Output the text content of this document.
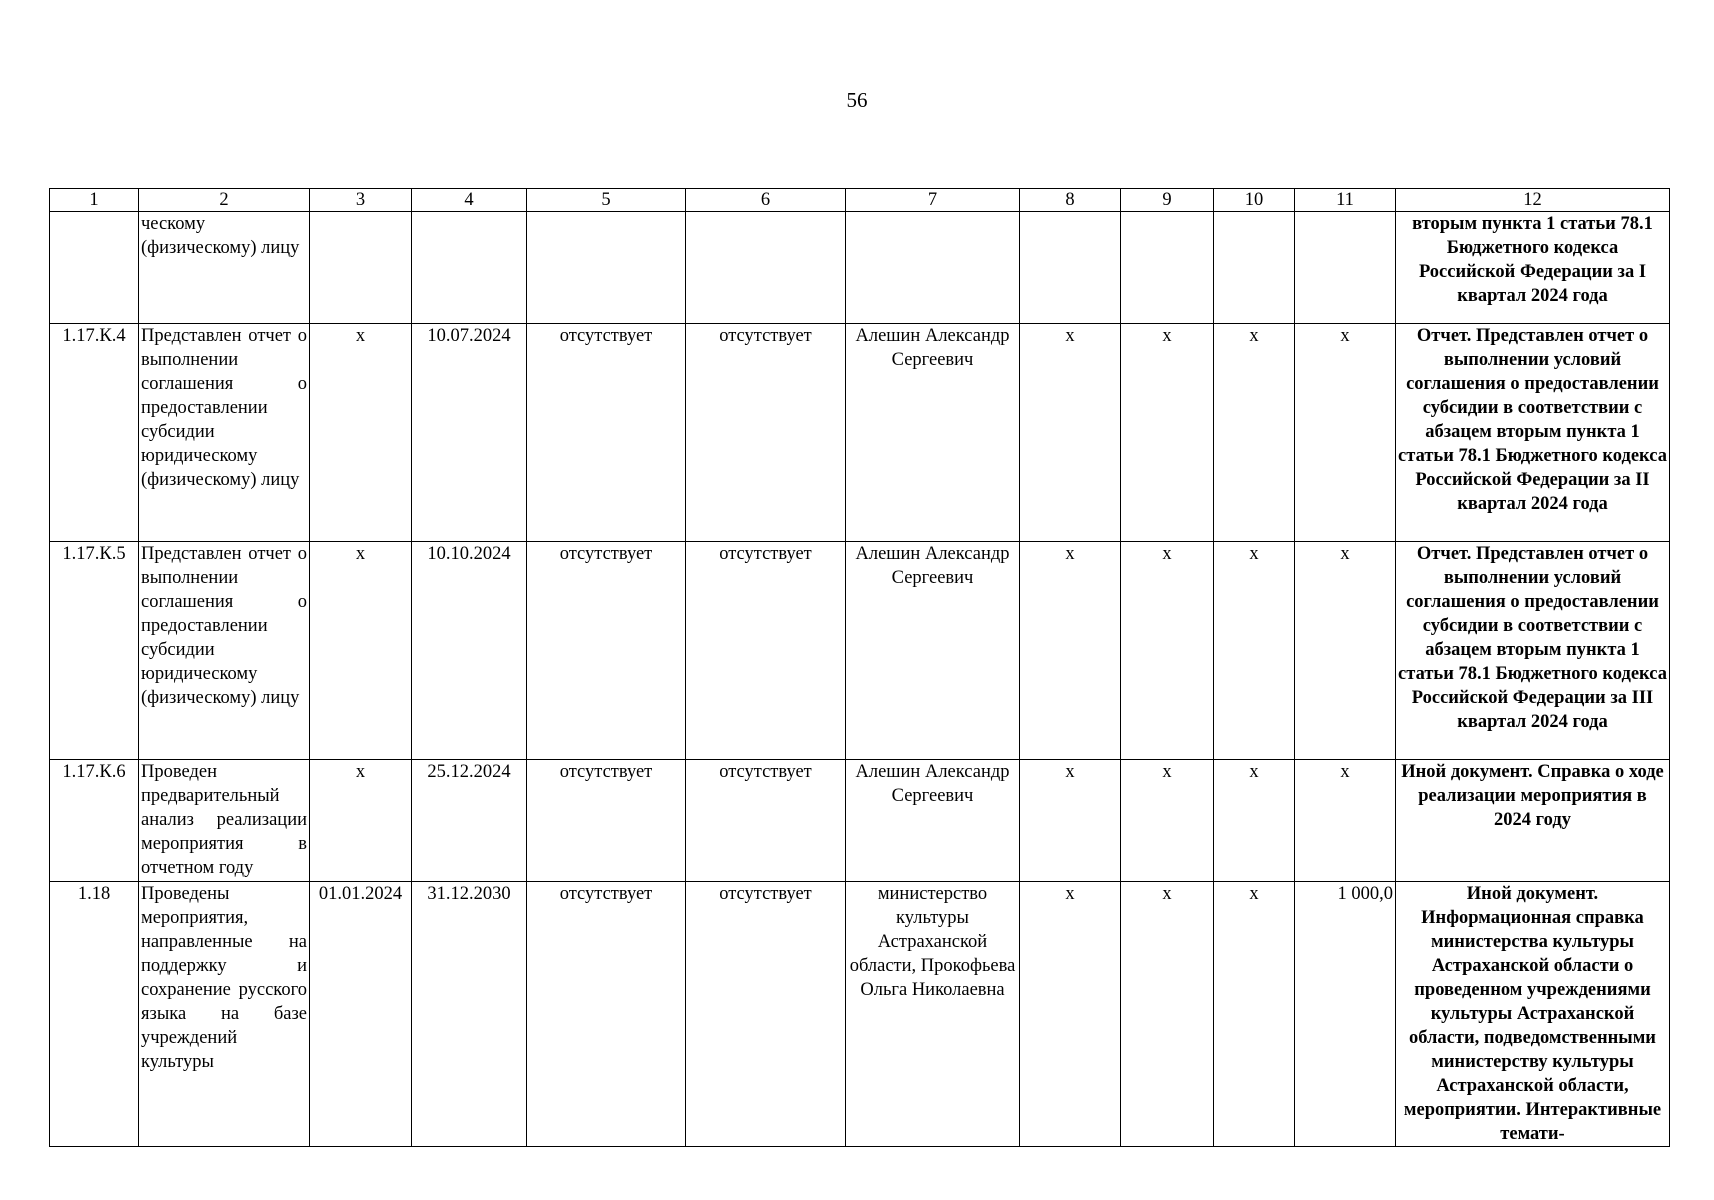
56
1	2	3	4	5	6	7	8	9	10	11	12
	ческому (физическому) лицу										вторым пункта 1 статьи 78.1 Бюджетного кодекса Российской Федерации за I квартал 2024 года
1.17.К.4	Представлен отчет о выполнении соглашения о предоставлении субсидии юридическому (физическому) лицу	х	10.07.2024	отсутствует	отсутствует	Алешин Александр Сергеевич	х	х	х	х	Отчет. Представлен отчет о выполнении условий соглашения о предоставлении субсидии в соответствии с абзацем вторым пункта 1 статьи 78.1 Бюджетного кодекса Российской Федерации за II квартал 2024 года
1.17.К.5	Представлен отчет о выполнении соглашения о предоставлении субсидии юридическому (физическому) лицу	х	10.10.2024	отсутствует	отсутствует	Алешин Александр Сергеевич	х	х	х	х	Отчет. Представлен отчет о выполнении условий соглашения о предоставлении субсидии в соответствии с абзацем вторым пункта 1 статьи 78.1 Бюджетного кодекса Российской Федерации за III квартал 2024 года
1.17.К.6	Проведен предварительный анализ реализации мероприятия в отчетном году	х	25.12.2024	отсутствует	отсутствует	Алешин Александр Сергеевич	х	х	х	х	Иной документ. Справка о ходе реализации мероприятия в 2024 году
1.18	Проведены мероприятия, направленные на поддержку и сохранение русского языка на базе учреждений культуры	01.01.2024	31.12.2030	отсутствует	отсутствует	министерство культуры Астраханской области, Прокофьева Ольга Николаевна	х	х	х	1 000,0	Иной документ. Информационная справка министерства культуры Астраханской области о проведенном учреждениями культуры Астраханской области, подведомственными министерству культуры Астраханской области, мероприятии. Интерактивные темати-
